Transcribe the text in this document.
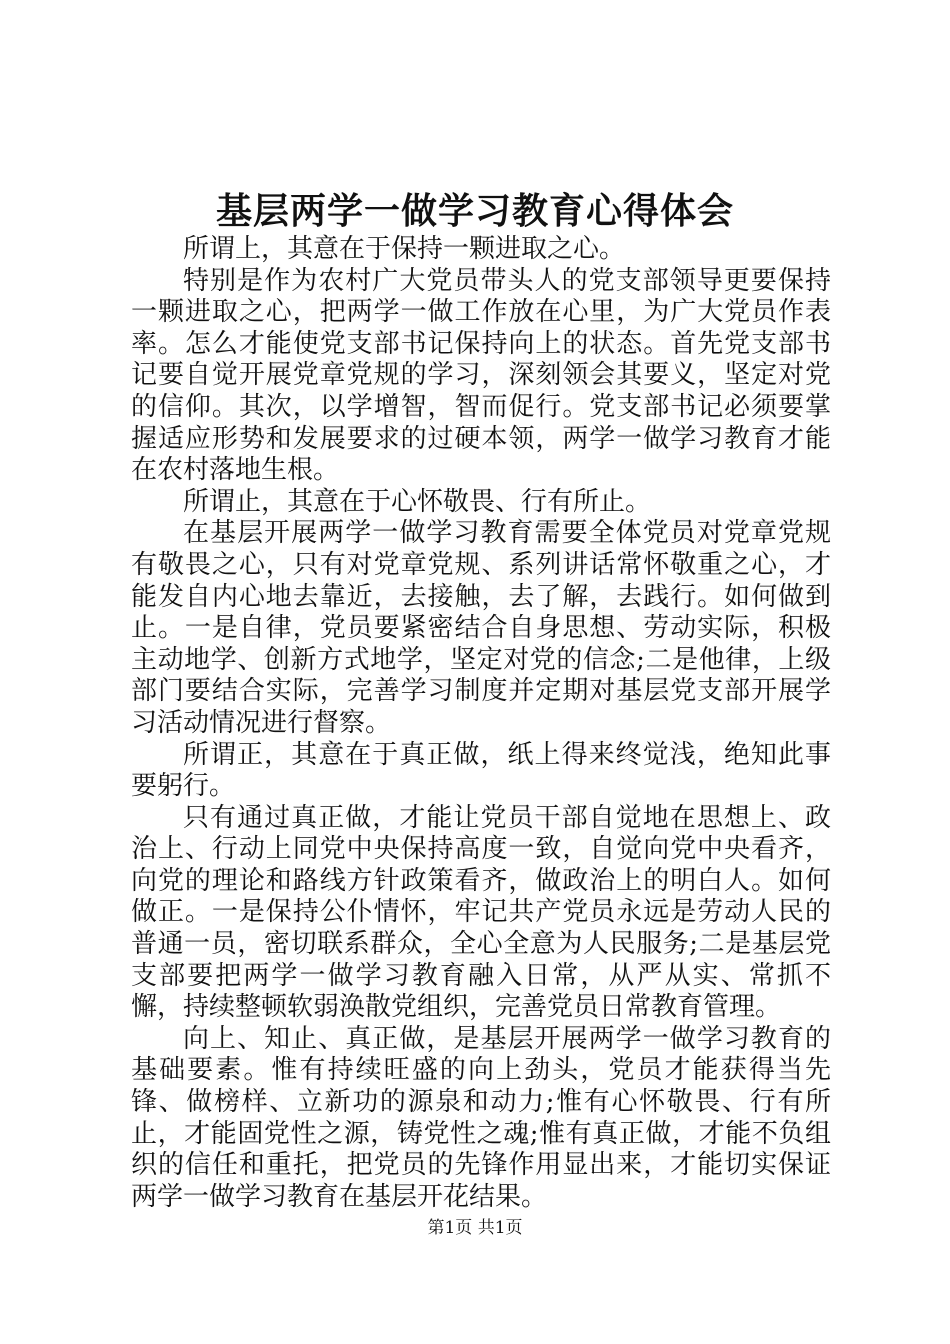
基层两学一做学习教育心得体会

所谓上，其意在于保持一颗进取之心。

特别是作为农村广大党员带头人的党支部领导更要保持一颗进取之心，把两学一做工作放在心里，为广大党员作表率。怎么才能使党支部书记保持向上的状态。首先党支部书记要自觉开展党章党规的学习，深刻领会其要义，坚定对党的信仰。其次，以学增智，智而促行。党支部书记必须要掌握适应形势和发展要求的过硬本领，两学一做学习教育才能在农村落地生根。

所谓止，其意在于心怀敬畏、行有所止。

在基层开展两学一做学习教育需要全体党员对党章党规有敬畏之心，只有对党章党规、系列讲话常怀敬重之心，才能发自内心地去靠近，去接触，去了解，去践行。如何做到止。一是自律，党员要紧密结合自身思想、劳动实际，积极主动地学、创新方式地学，坚定对党的信念;二是他律，上级部门要结合实际，完善学习制度并定期对基层党支部开展学习活动情况进行督察。

所谓正，其意在于真正做，纸上得来终觉浅，绝知此事要躬行。

只有通过真正做，才能让党员干部自觉地在思想上、政治上、行动上同党中央保持高度一致，自觉向党中央看齐，向党的理论和路线方针政策看齐，做政治上的明白人。如何做正。一是保持公仆情怀，牢记共产党员永远是劳动人民的普通一员，密切联系群众，全心全意为人民服务;二是基层党支部要把两学一做学习教育融入日常，从严从实、常抓不懈，持续整顿软弱涣散党组织，完善党员日常教育管理。

向上、知止、真正做，是基层开展两学一做学习教育的基础要素。惟有持续旺盛的向上劲头，党员才能获得当先锋、做榜样、立新功的源泉和动力;惟有心怀敬畏、行有所止，才能固党性之源，铸党性之魂;惟有真正做，才能不负组织的信任和重托，把党员的先锋作用显出来，才能切实保证两学一做学习教育在基层开花结果。

第1页 共1页
